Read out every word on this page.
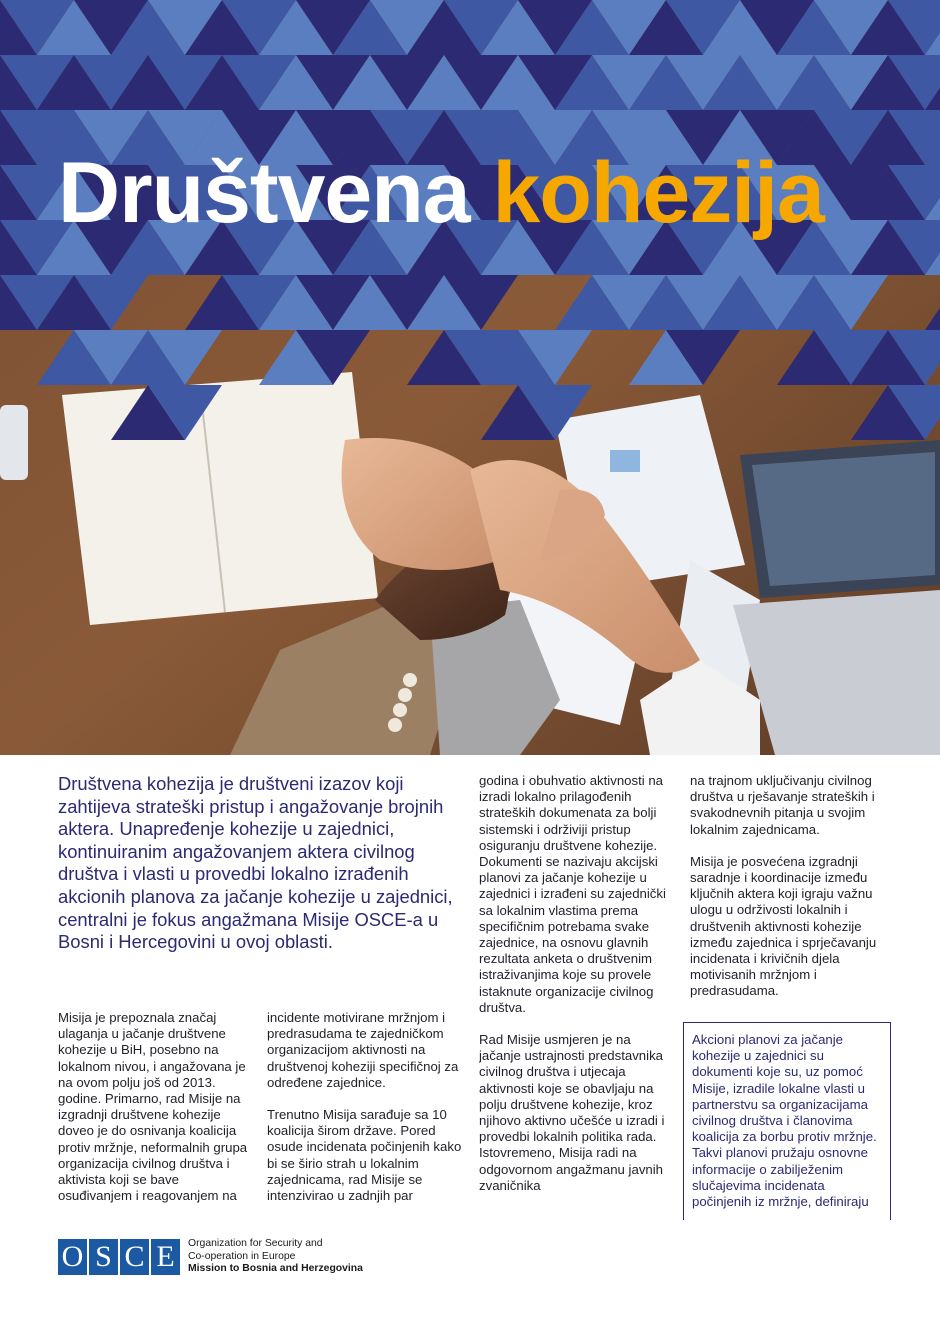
Društvena kohezija

Društvena kohezija je društveni izazov koji zahtijeva strateški pristup i angažovanje brojnih aktera. Unapređenje kohezije u zajednici, kontinuiranim angažovanjem aktera civilnog društva i vlasti u provedbi lokalno izrađenih akcionih planova za jačanje kohezije u zajednici, centralni je fokus angažmana Misije OSCE-a u Bosni i Hercegovini u ovoj oblasti.

Misija je prepoznala značaj ulaganja u jačanje društvene kohezije u BiH, posebno na lokalnom nivou, i angažovana je na ovom polju još od 2013. godine. Primarno, rad Misije na izgradnji društvene kohezije doveo je do osnivanja koalicija protiv mržnje, neformalnih grupa organizacija civilnog društva i aktivista koji se bave osuđivanjem i reagovanjem na

incidente motivirane mržnjom i predrasudama te zajedničkom organizacijom aktivnosti na društvenoj koheziji specifičnoj za određene zajednice.

Trenutno Misija sarađuje sa 10 koalicija širom države. Pored osude incidenata počinjenih kako bi se širio strah u lokalnim zajednicama, rad Misije se intenzivirao u zadnjih par

godina i obuhvatio aktivnosti na izradi lokalno prilagođenih strateških dokumenata za bolji sistemski i održiviji pristup osiguranju društvene kohezije. Dokumenti se nazivaju akcijski planovi za jačanje kohezije u zajednici i izrađeni su zajednički sa lokalnim vlastima prema specifičnim potrebama svake zajednice, na osnovu glavnih rezultata anketa o društvenim istraživanjima koje su provele istaknute organizacije civilnog društva.

Rad Misije usmjeren je na jačanje ustrajnosti predstavnika civilnog društva i utjecaja aktivnosti koje se obavljaju na polju društvene kohezije, kroz njihovo aktivno učešće u izradi i provedbi lokalnih politika rada. Istovremeno, Misija radi na odgovornom angažmanu javnih zvaničnika

na trajnom uključivanju civilnog društva u rješavanje strateških i svakodnevnih pitanja u svojim lokalnim zajednicama.

Misija je posvećena izgradnji saradnje i koordinacije između ključnih aktera koji igraju važnu ulogu u održivosti lokalnih i društvenih aktivnosti kohezije između zajednica i sprječavanju incidenata i krivičnih djela motivisanih mržnjom i predrasudama.

Akcioni planovi za jačanje kohezije u zajednici su dokumenti koje su, uz pomoć Misije, izradile lokalne vlasti u partnerstvu sa organizacijama civilnog društva i članovima koalicija za borbu protiv mržnje. Takvi planovi pružaju osnovne informacije o zabilježenim slučajevima incidenata počinjenih iz mržnje, definiraju

O S C E	Organization for Security and
Co-operation in Europe
Mission to Bosnia and Herzegovina
